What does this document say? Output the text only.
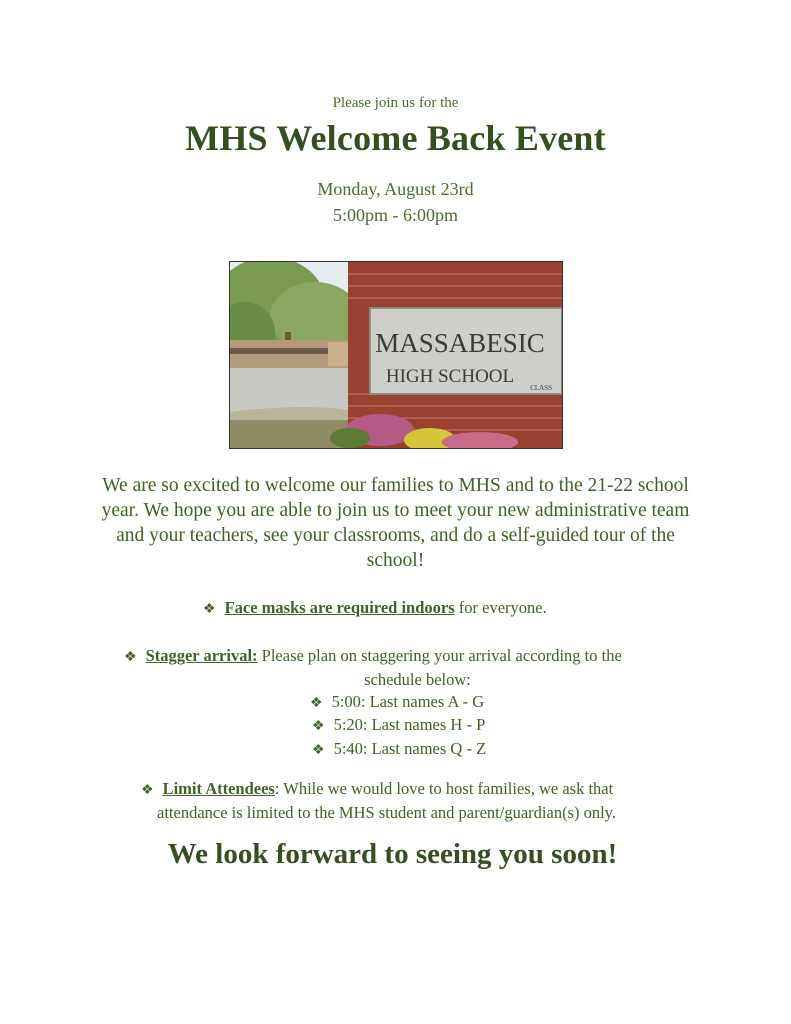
Please join us for the
MHS Welcome Back Event
Monday, August 23rd
5:00pm - 6:00pm
MASSABESIC
HIGH SCHOOL
CLASS
We are so excited to welcome our families to MHS and to the 21-22 school year. We hope you are able to join us to meet your new administrative team and your teachers, see your classrooms, and do a self-guided tour of the school!
❖ Face masks are required indoors for everyone.
❖ Stagger arrival: Please plan on staggering your arrival according to the
schedule below:
❖ 5:00: Last names A - G
❖ 5:20: Last names H - P
❖ 5:40: Last names Q - Z
❖ Limit Attendees: While we would love to host families, we ask that
attendance is limited to the MHS student and parent/guardian(s) only.
We look forward to seeing you soon!
